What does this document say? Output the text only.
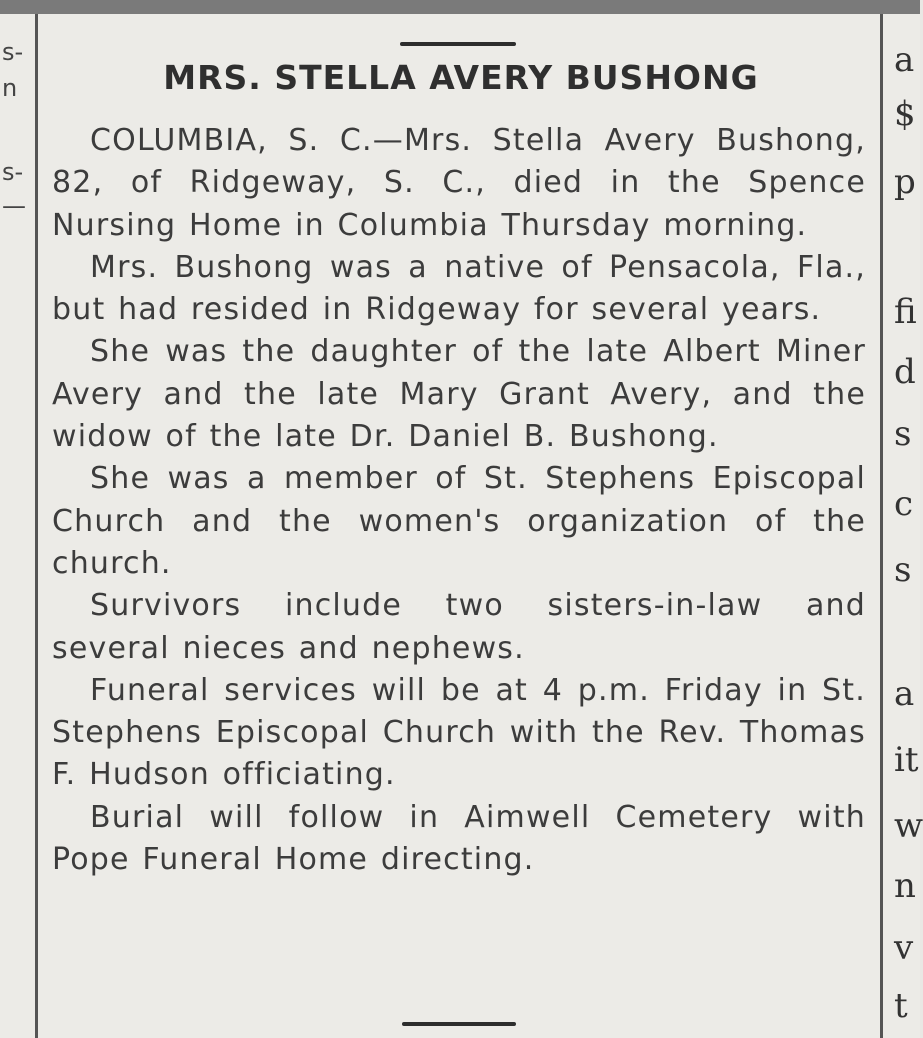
s-
n
s-
—
a
$
p
fi
d
s
c
s
a
it
w
n
v
t
MRS. STELLA AVERY BUSHONG

COLUMBIA, S. C.—Mrs. Stella Avery Bushong, 82, of Ridgeway, S. C., died in the Spence Nursing Home in Columbia Thursday morning.

Mrs. Bushong was a native of Pensacola, Fla., but had resided in Ridgeway for several years.

She was the daughter of the late Albert Miner Avery and the late Mary Grant Avery, and the widow of the late Dr. Daniel B. Bushong.

She was a member of St. Stephens Episcopal Church and the women's organization of the church.

Survivors include two sisters-in-law and several nieces and nephews.

Funeral services will be at 4 p.m. Friday in St. Stephens Episcopal Church with the Rev. Thomas F. Hudson officiating.

Burial will follow in Aimwell Cemetery with Pope Funeral Home directing.
